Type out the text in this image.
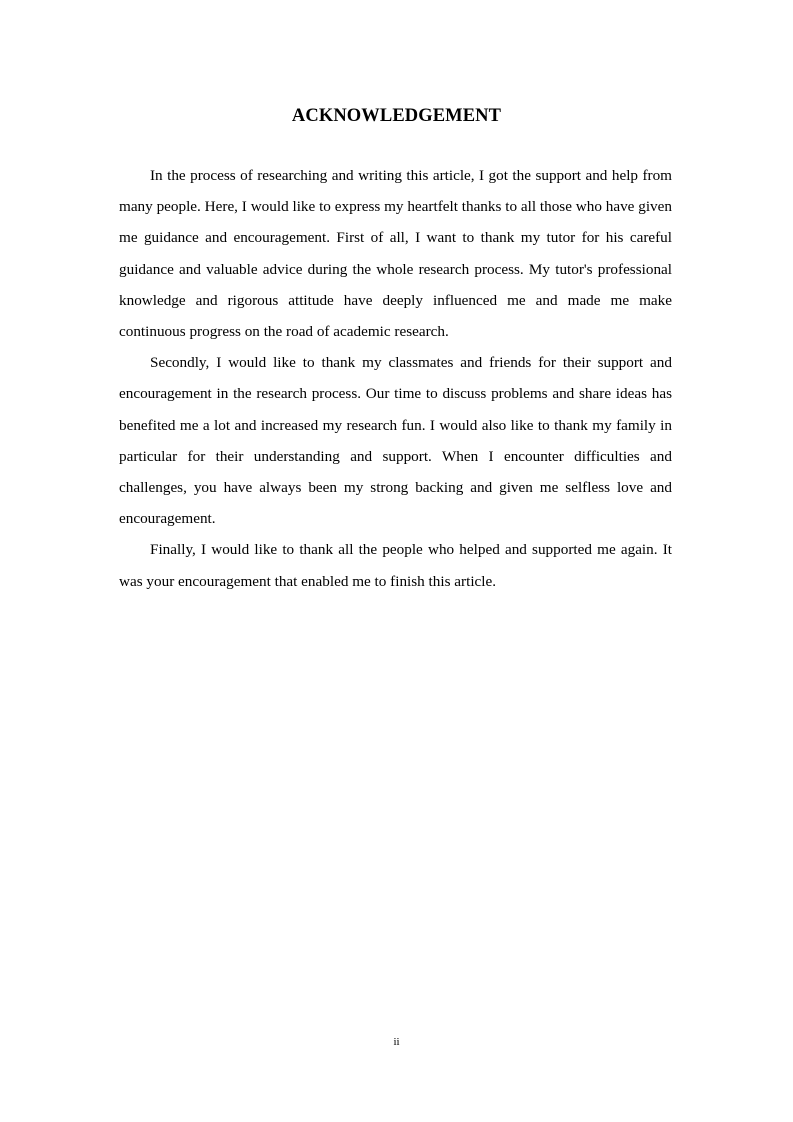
ACKNOWLEDGEMENT

In the process of researching and writing this article, I got the support and help from many people. Here, I would like to express my heartfelt thanks to all those who have given me guidance and encouragement. First of all, I want to thank my tutor for his careful guidance and valuable advice during the whole research process. My tutor's professional knowledge and rigorous attitude have deeply influenced me and made me make continuous progress on the road of academic research.

Secondly, I would like to thank my classmates and friends for their support and encouragement in the research process. Our time to discuss problems and share ideas has benefited me a lot and increased my research fun. I would also like to thank my family in particular for their understanding and support. When I encounter difficulties and challenges, you have always been my strong backing and given me selfless love and encouragement.

Finally, I would like to thank all the people who helped and supported me again. It was your encouragement that enabled me to finish this article.

ii
